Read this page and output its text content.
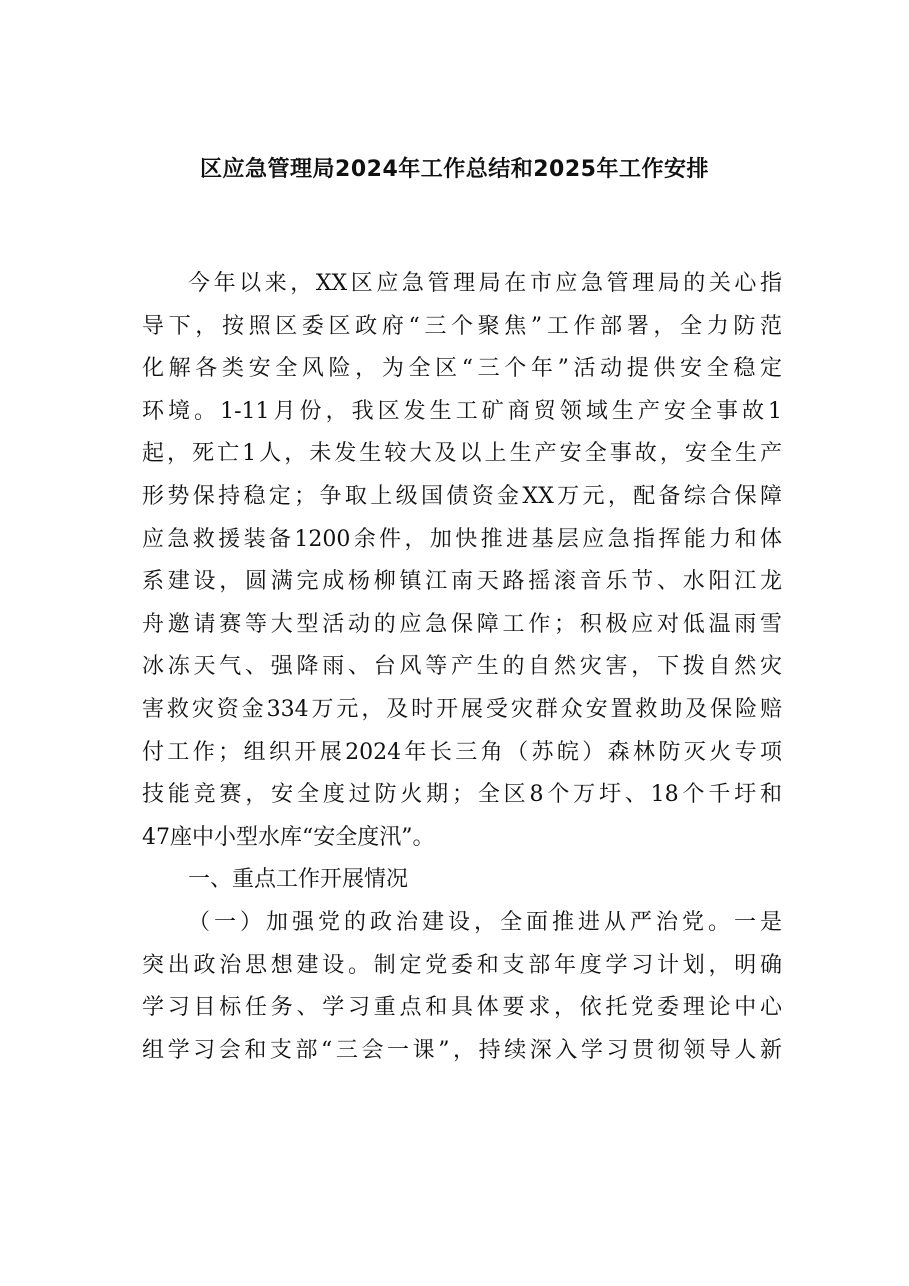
区应急管理局2024年工作总结和2025年工作安排
今年以来，XX区应急管理局在市应急管理局的关心指
导下，按照区委区政府“三个聚焦”工作部署，全力防范
化解各类安全风险，为全区“三个年”活动提供安全稳定
环境。1-11月份，我区发生工矿商贸领域生产安全事故1
起，死亡1人，未发生较大及以上生产安全事故，安全生产
形势保持稳定；争取上级国债资金XX万元，配备综合保障
应急救援装备1200余件，加快推进基层应急指挥能力和体
系建设，圆满完成杨柳镇江南天路摇滚音乐节、水阳江龙
舟邀请赛等大型活动的应急保障工作；积极应对低温雨雪
冰冻天气、强降雨、台风等产生的自然灾害，下拨自然灾
害救灾资金334万元，及时开展受灾群众安置救助及保险赔
付工作；组织开展2024年长三角（苏皖）森林防灭火专项
技能竞赛，安全度过防火期；全区8个万圩、18个千圩和
47座中小型水库“安全度汛”。
一、重点工作开展情况
（一）加强党的政治建设，全面推进从严治党。一是
突出政治思想建设。制定党委和支部年度学习计划，明确
学习目标任务、学习重点和具体要求，依托党委理论中心
组学习会和支部“三会一课”，持续深入学习贯彻领导人新
